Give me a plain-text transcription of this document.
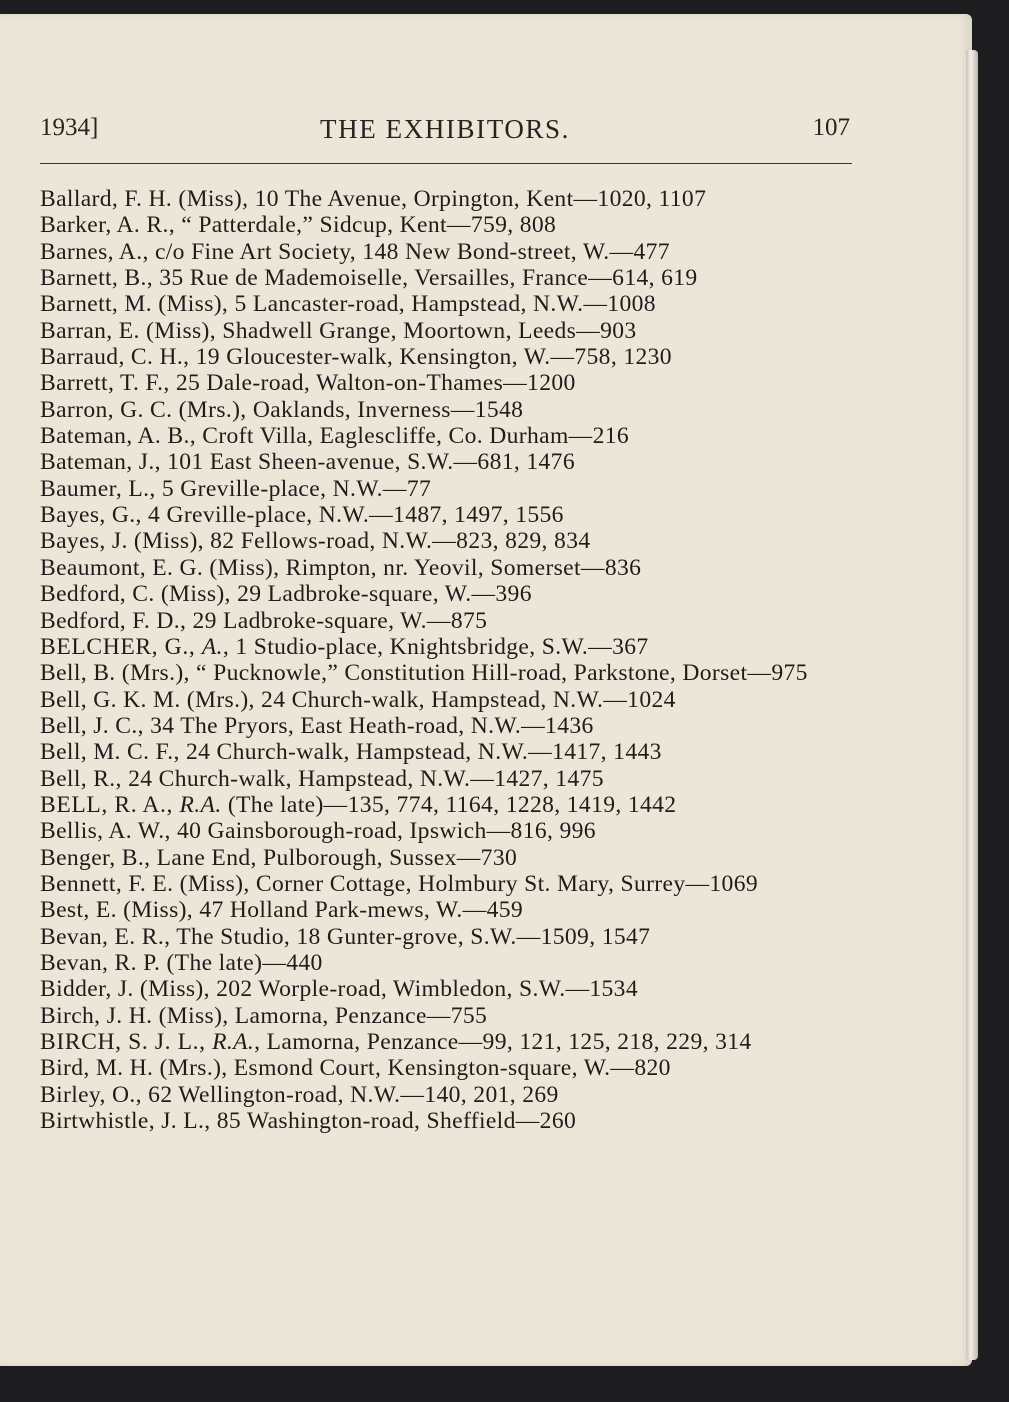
1934]	THE EXHIBITORS.	107
Ballard, F. H. (Miss), 10 The Avenue, Orpington, Kent—1020, 1107
Barker, A. R., “ Patterdale,” Sidcup, Kent—759, 808
Barnes, A., c/o Fine Art Society, 148 New Bond-street, W.—477
Barnett, B., 35 Rue de Mademoiselle, Versailles, France—614, 619
Barnett, M. (Miss), 5 Lancaster-road, Hampstead, N.W.—1008
Barran, E. (Miss), Shadwell Grange, Moortown, Leeds—903
Barraud, C. H., 19 Gloucester-walk, Kensington, W.—758, 1230
Barrett, T. F., 25 Dale-road, Walton-on-Thames—1200
Barron, G. C. (Mrs.), Oaklands, Inverness—1548
Bateman, A. B., Croft Villa, Eaglescliffe, Co. Durham—216
Bateman, J., 101 East Sheen-avenue, S.W.—681, 1476
Baumer, L., 5 Greville-place, N.W.—77
Bayes, G., 4 Greville-place, N.W.—1487, 1497, 1556
Bayes, J. (Miss), 82 Fellows-road, N.W.—823, 829, 834
Beaumont, E. G. (Miss), Rimpton, nr. Yeovil, Somerset—836
Bedford, C. (Miss), 29 Ladbroke-square, W.—396
Bedford, F. D., 29 Ladbroke-square, W.—875
BELCHER, G., A., 1 Studio-place, Knightsbridge, S.W.—367
Bell, B. (Mrs.), “ Pucknowle,” Constitution Hill-road, Parkstone, Dorset—975
Bell, G. K. M. (Mrs.), 24 Church-walk, Hampstead, N.W.—1024
Bell, J. C., 34 The Pryors, East Heath-road, N.W.—1436
Bell, M. C. F., 24 Church-walk, Hampstead, N.W.—1417, 1443
Bell, R., 24 Church-walk, Hampstead, N.W.—1427, 1475
BELL, R. A., R.A. (The late)—135, 774, 1164, 1228, 1419, 1442
Bellis, A. W., 40 Gainsborough-road, Ipswich—816, 996
Benger, B., Lane End, Pulborough, Sussex—730
Bennett, F. E. (Miss), Corner Cottage, Holmbury St. Mary, Surrey—1069
Best, E. (Miss), 47 Holland Park-mews, W.—459
Bevan, E. R., The Studio, 18 Gunter-grove, S.W.—1509, 1547
Bevan, R. P. (The late)—440
Bidder, J. (Miss), 202 Worple-road, Wimbledon, S.W.—1534
Birch, J. H. (Miss), Lamorna, Penzance—755
BIRCH, S. J. L., R.A., Lamorna, Penzance—99, 121, 125, 218, 229, 314
Bird, M. H. (Mrs.), Esmond Court, Kensington-square, W.—820
Birley, O., 62 Wellington-road, N.W.—140, 201, 269
Birtwhistle, J. L., 85 Washington-road, Sheffield—260
